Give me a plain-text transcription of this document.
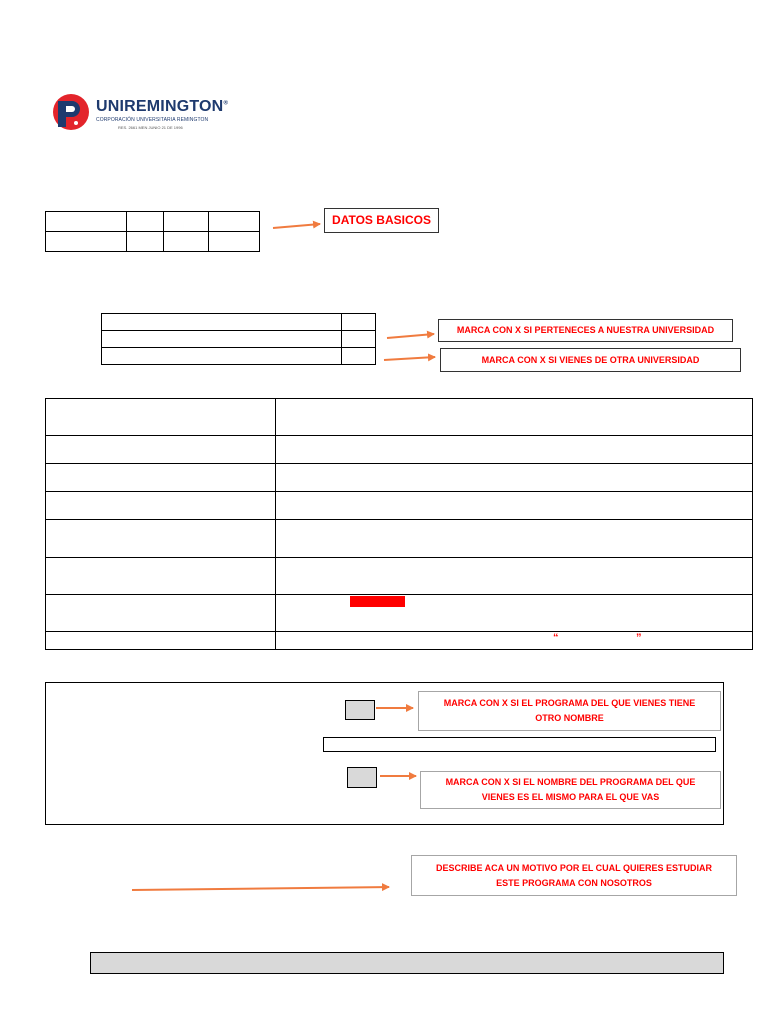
UNIREMINGTON®
CORPORACIÓN UNIVERSITARIA REMINGTON
RES. 2661 MEN JUNIO 21 DE 1996

DATOS BASICOS

MARCA CON X SI PERTENECES A NUESTRA UNIVERSIDAD
MARCA CON X SI VIENES DE OTRA UNIVERSIDAD

“	”
MARCA CON X SI EL PROGRAMA DEL QUE VIENES TIENE OTRO NOMBRE
MARCA CON X SI EL NOMBRE DEL PROGRAMA DEL QUE VIENES ES EL MISMO PARA EL QUE VAS
DESCRIBE ACA UN MOTIVO POR EL CUAL QUIERES ESTUDIAR ESTE PROGRAMA CON NOSOTROS
